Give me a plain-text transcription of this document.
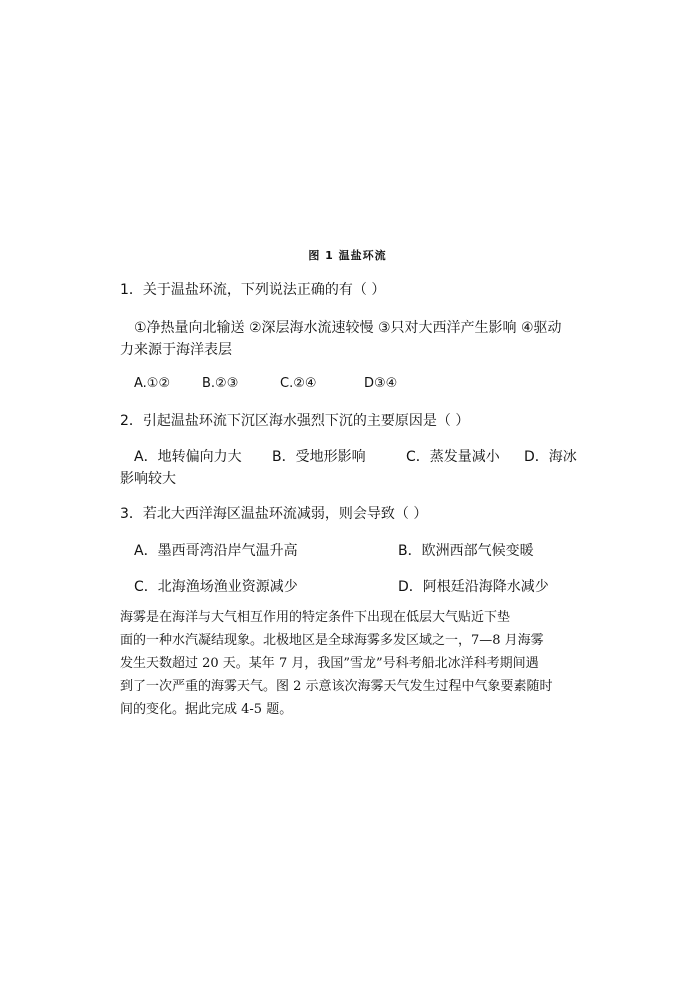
图 1 温盐环流
1．关于温盐环流，下列说法正确的有（ ）
①净热量向北输送 ②深层海水流速较慢 ③只对大西洋产生影响 ④驱动
力来源于海洋表层
A.①② B.②③	C.②④	D③④
2．引起温盐环流下沉区海水强烈下沉的主要原因是（ ）
A．地转偏向力大 B．受地形影响	C．蒸发量减小 D．海冰
影响较大
3．若北大西洋海区温盐环流减弱，则会导致（ ）
A．墨西哥湾沿岸气温升高	B．欧洲西部气候变暖
C．北海渔场渔业资源减少	D．阿根廷沿海降水减少
海雾是在海洋与大气相互作用的特定条件下出现在低层大气贴近下垫
面的一种水汽凝结现象。北极地区是全球海雾多发区域之一，7—8 月海雾
发生天数超过 20 天。某年 7 月，我国”雪龙”号科考船北冰洋科考期间遇
到了一次严重的海雾天气。图 2 示意该次海雾天气发生过程中气象要素随时
间的变化。据此完成 4-5 题。
